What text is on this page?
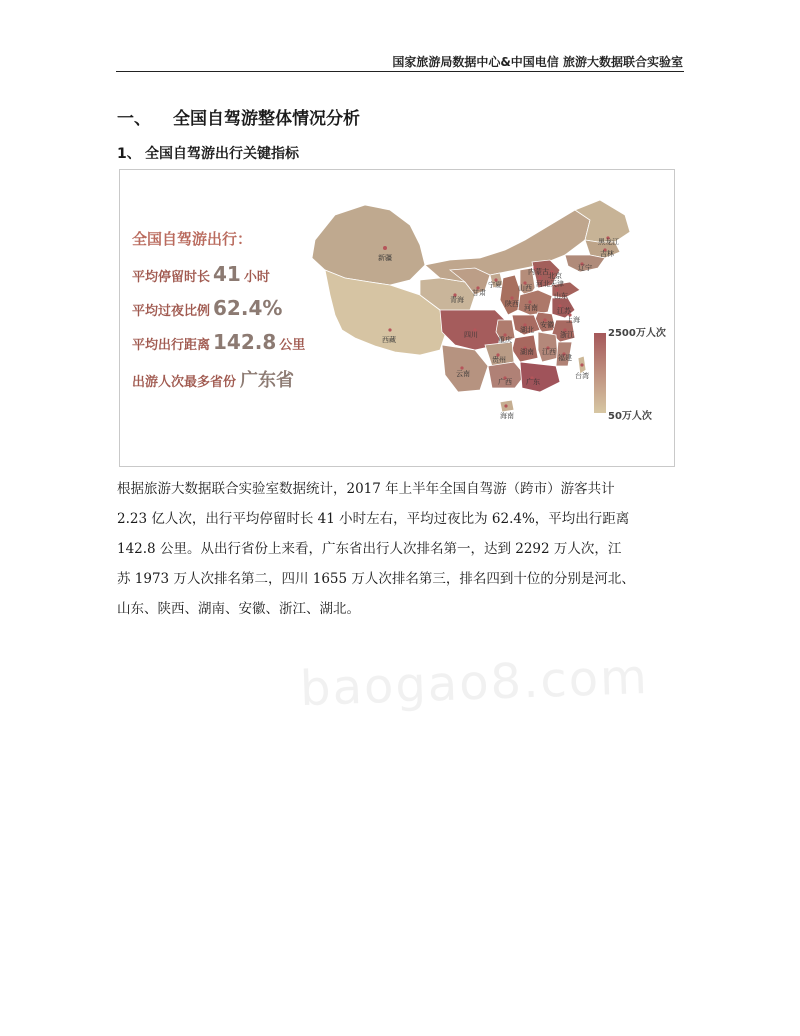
国家旅游局数据中心&中国电信 旅游大数据联合实验室
一、 全国自驾游整体情况分析
1、 全国自驾游出行关键指标
新疆
黑龙江
吉林
辽宁
内蒙古 北京
天津
河北
山西
山东
宁夏
甘肃
青海	陕西 河南	江苏
安徽
上海
四川
湖北
重庆
浙江
西藏
湖南 江西
贵州	福建
云南
广西 广东
台湾
海南
全国自驾游出行：
平均停留时长 41 小时
平均过夜比例 62.4%
平均出行距离 142.8 公里
出游人次最多省份 广东省
2500万人次
50万人次
根据旅游大数据联合实验室数据统计，2017 年上半年全国自驾游（跨市）游客共计
2.23 亿人次，出行平均停留时长 41 小时左右，平均过夜比为 62.4%，平均出行距离
142.8 公里。从出行省份上来看，广东省出行人次排名第一，达到 2292 万人次，江
苏 1973 万人次排名第二，四川 1655 万人次排名第三，排名四到十位的分别是河北、
山东、陕西、湖南、安徽、浙江、湖北。
baogao8.com
